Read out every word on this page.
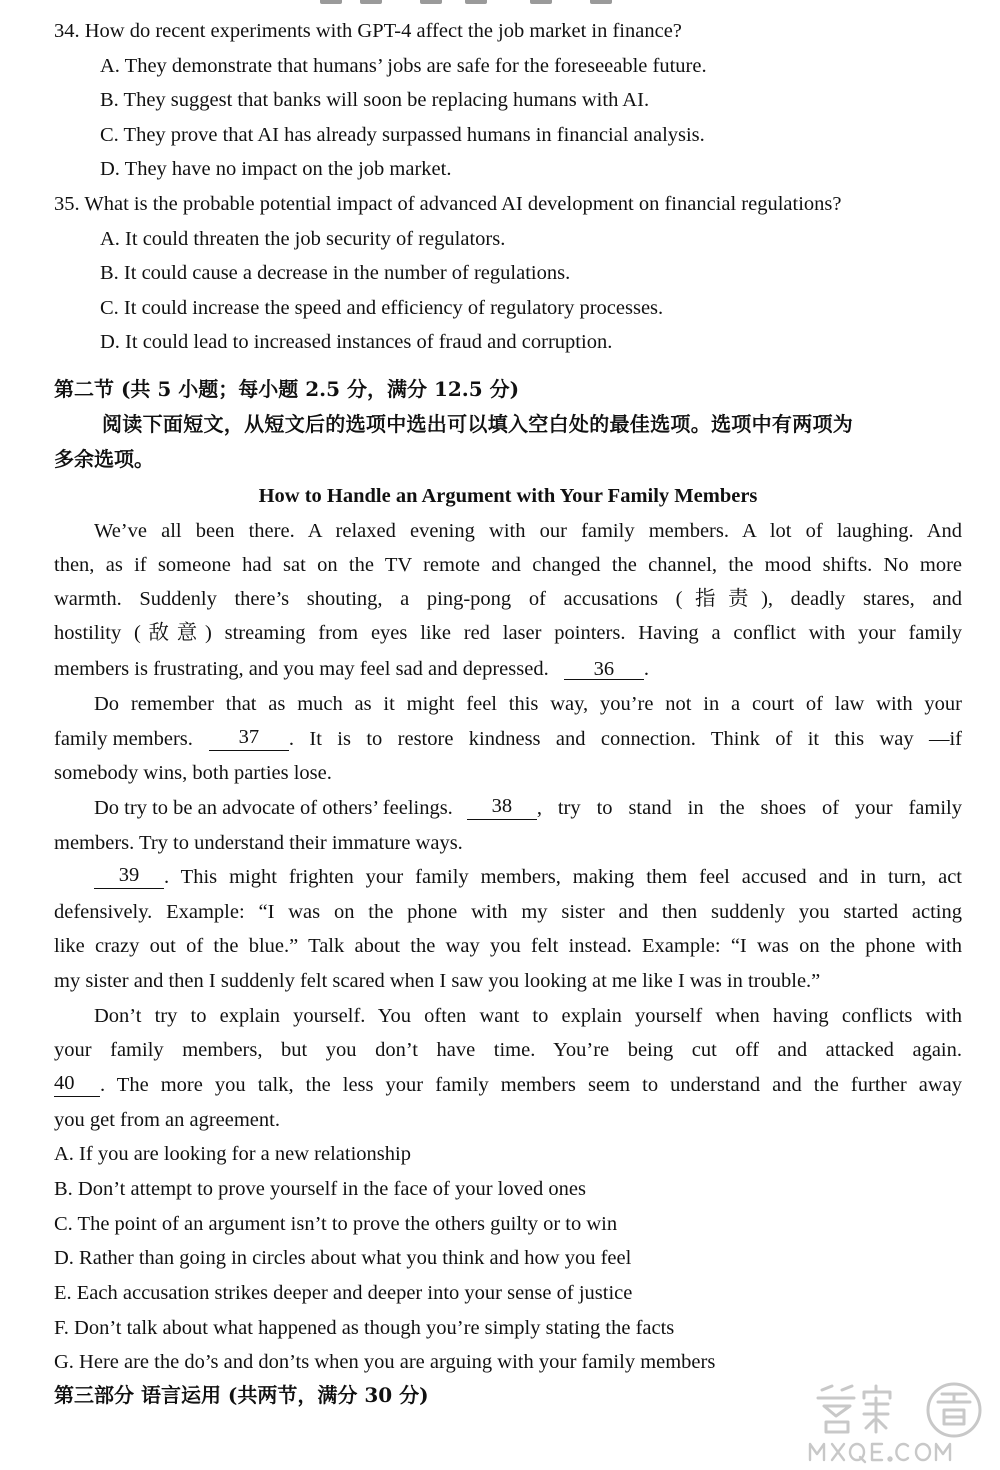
34. How do recent experiments with GPT-4 affect the job market in finance?
A. They demonstrate that humans’ jobs are safe for the foreseeable future.
B. They suggest that banks will soon be replacing humans with AI.
C. They prove that AI has already surpassed humans in financial analysis.
D. They have no impact on the job market.
35. What is the probable potential impact of advanced AI development on financial regulations?
A. It could threaten the job security of regulators.
B. It could cause a decrease in the number of regulations.
C. It could increase the speed and efficiency of regulatory processes.
D. It could lead to increased instances of fraud and corruption.
第二节 (共 5 小题；每小题 2.5 分，满分 12.5 分)
阅读下面短文，从短文后的选项中选出可以填入空白处的最佳选项。选项中有两项为
多余选项。
How to Handle an Argument with Your Family Members
We’ve all been there. A relaxed evening with our family members. A lot of laughing. And
then, as if someone had sat on the TV remote and changed the channel, the mood shifts. No more
warmth. Suddenly there’s shouting, a ping-pong of accusations (指责), deadly stares, and
hostility (敌意) streaming from eyes like red laser pointers. Having a conflict with your family
members is frustrating, and you may feel sad and depressed. 36 .
Do remember that as much as it might feel this way, you’re not in a court of law with your
family members.	37	. It is to restore kindness and connection. Think of it this way —if
somebody wins, both parties lose.
Do try to be an advocate of others’ feelings.	38	, try to stand in the shoes of your family
members. Try to understand their immature ways.
39	. This might frighten your family members, making them feel accused and in turn, act
defensively. Example: “I was on the phone with my sister and then suddenly you started acting
like crazy out of the blue.” Talk about the way you felt instead. Example: “I was on the phone with
my sister and then I suddenly felt scared when I saw you looking at me like I was in trouble.”
Don’t try to explain yourself. You often want to explain yourself when having conflicts with
your family members, but you don’t have time. You’re being cut off and attacked again.
40	. The more you talk, the less your family members seem to understand and the further away
you get from an agreement.
A. If you are looking for a new relationship
B. Don’t attempt to prove yourself in the face of your loved ones
C. The point of an argument isn’t to prove the others guilty or to win
D. Rather than going in circles about what you think and how you feel
E. Each accusation strikes deeper and deeper into your sense of justice
F. Don’t talk about what happened as though you’re simply stating the facts
G. Here are the do’s and don’ts when you are arguing with your family members
第三部分 语言运用 (共两节，满分 30 分)
